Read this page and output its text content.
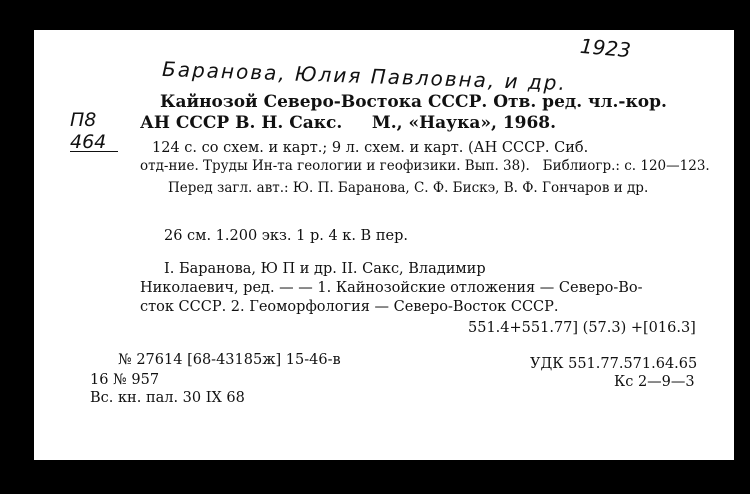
1923
Баранова, Юлия Павловна, и др.
П8
464
Кайнозой Северо-Востока СССР. Отв. ред. чл.-кор.
АН СССР В. Н. Сакс.     М., «Наука», 1968.
124 с. со схем. и карт.; 9 л. схем. и карт. (АН СССР. Сиб.
отд-ние. Труды Ин-та геологии и геофизики. Вып. 38).   Библиогр.: с. 120—123.
Перед загл. авт.: Ю. П. Баранова, С. Ф. Бискэ, В. Ф. Гончаров и др.
26 см. 1.200 экз. 1 р. 4 к. В пер.
I. Баранова, Ю П и др. II. Сакс, Владимир
Николаевич, ред. — — 1. Кайнозойские отложения — Северо-Во-
сток СССР. 2. Геоморфология — Северо-Восток СССР.
551.4+551.77] (57.3) +[016.3]
№ 27614 [68-43185ж] 15-46-в	УДК 551.77.571.64.65
16 № 957	Кс 2—9—3
Вс. кн. пал. 30 IX 68
